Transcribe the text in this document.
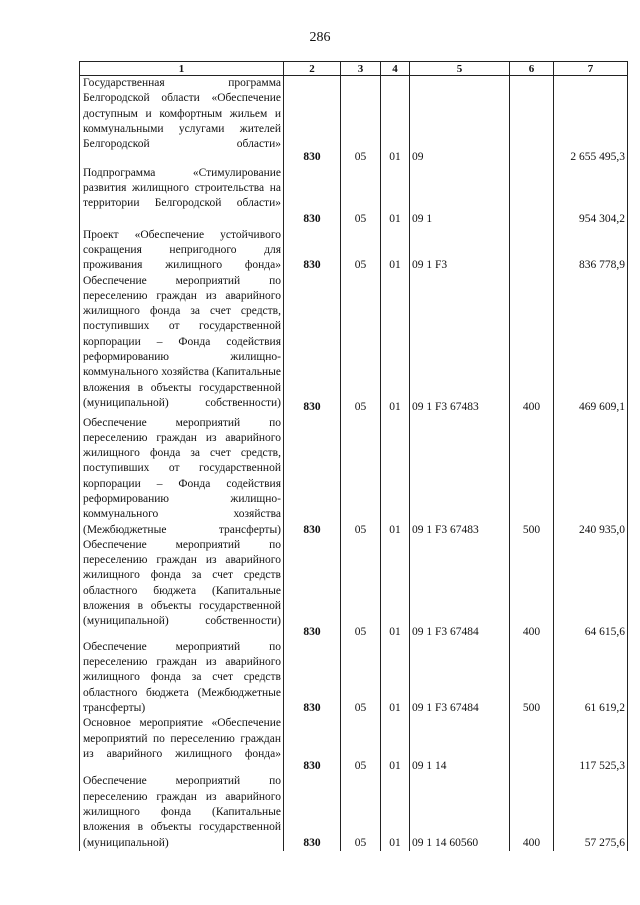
286
1	2	3	4	5	6	7
Государственная программа Белгородской области «Обеспечение доступным и комфортным жильем и коммунальными услугами жителей Белгородской области»	830	05	01	09		2 655 495,3
Подпрограмма «Стимулирование развития жилищного строительства на территории Белгородской области»	830	05	01	09 1		954 304,2
Проект «Обеспечение устойчивого сокращения непригодного для проживания жилищного фонда»	830	05	01	09 1 F3		836 778,9
Обеспечение мероприятий по переселению граждан из аварийного жилищного фонда за счет средств, поступивших от государственной корпорации – Фонда содействия реформированию жилищно-коммунального хозяйства (Капитальные вложения в объекты государственной (муниципальной) собственности)	830	05	01	09 1 F3 67483	400	469 609,1
Обеспечение мероприятий по переселению граждан из аварийного жилищного фонда за счет средств, поступивших от государственной корпорации – Фонда содействия реформированию жилищно-коммунального хозяйства (Межбюджетные трансферты)	830	05	01	09 1 F3 67483	500	240 935,0
Обеспечение мероприятий по переселению граждан из аварийного жилищного фонда за счет средств областного бюджета (Капитальные вложения в объекты государственной (муниципальной) собственности)	830	05	01	09 1 F3 67484	400	64 615,6
Обеспечение мероприятий по переселению граждан из аварийного жилищного фонда за счет средств областного бюджета (Межбюджетные трансферты)	830	05	01	09 1 F3 67484	500	61 619,2
Основное мероприятие «Обеспечение мероприятий по переселению граждан из аварийного жилищного фонда»	830	05	01	09 1 14		117 525,3
Обеспечение мероприятий по переселению граждан из аварийного жилищного фонда (Капитальные вложения в объекты государственной (муниципальной)	830	05	01	09 1 14 60560	400	57 275,6
